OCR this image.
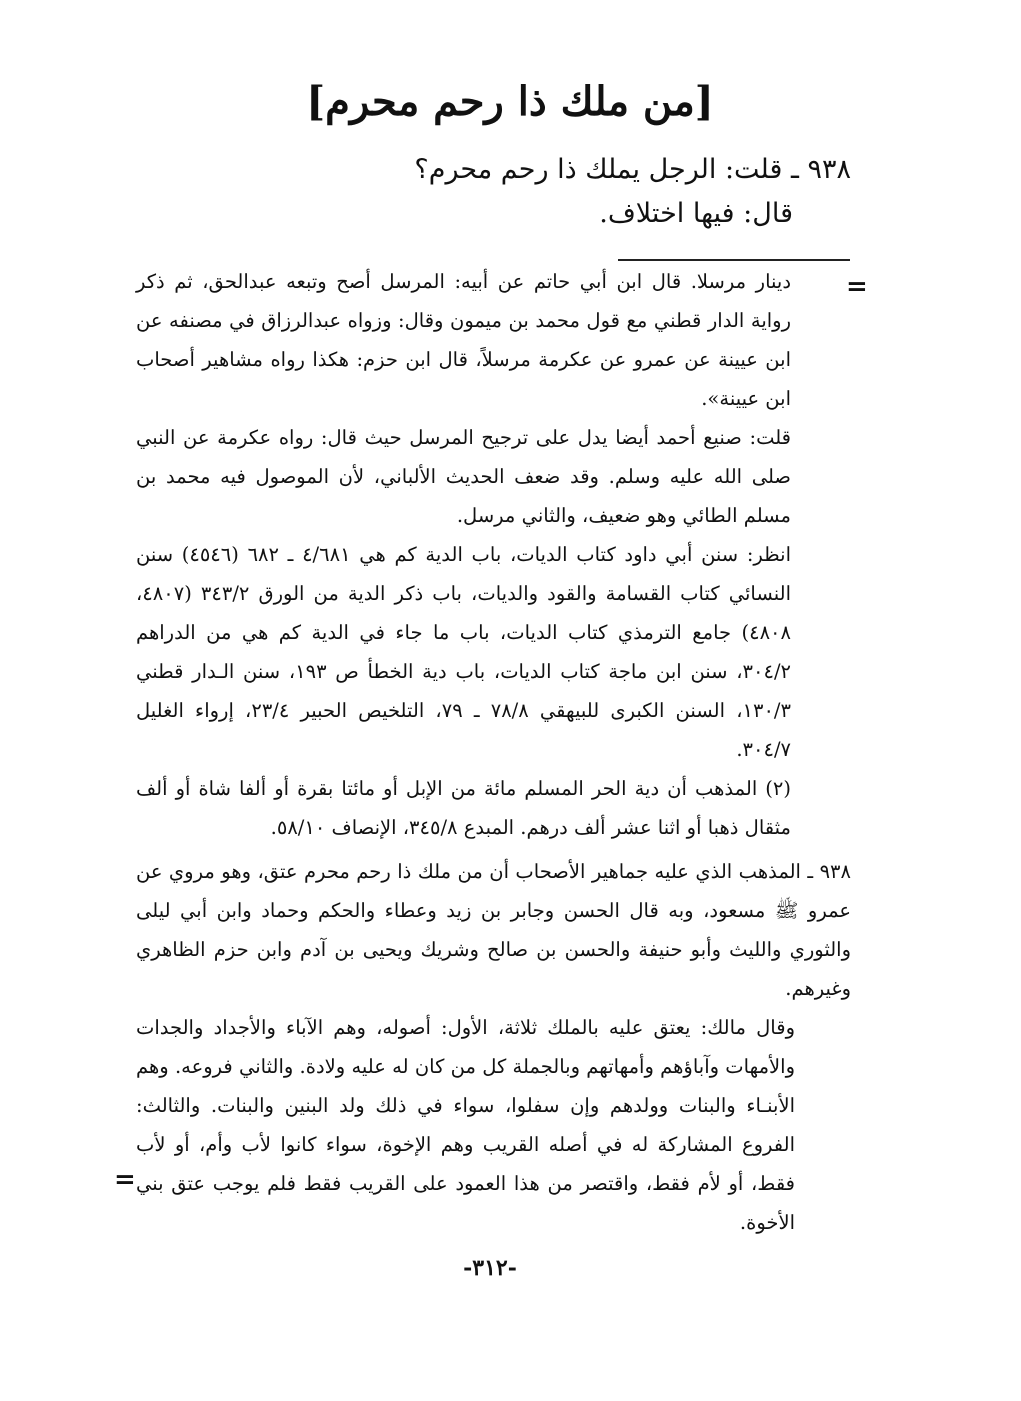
[من ملك ذا رحم محرم]
٩٣٨ ـ قلت: الرجل يملك ذا رحم محرم؟
قال: فيها اختلاف.
=

دينار مرسلا. قال ابن أبي حاتم عن أبيه: المرسل أصح وتبعه عبدالحق، ثم ذكر رواية الدار قطني مع قول محمد بن ميمون وقال: وزواه عبدالرزاق في مصنفه عن ابن عيينة عن عمرو عن عكرمة مرسلاً، قال ابن حزم: هكذا رواه مشاهير أصحاب ابن عيينة».

قلت: صنيع أحمد أيضا يدل على ترجيح المرسل حيث قال: رواه عكرمة عن النبي صلى الله عليه وسلم. وقد ضعف الحديث الألباني، لأن الموصول فيه محمد بن مسلم الطائي وهو ضعيف، والثاني مرسل.

انظر: سنن أبي داود كتاب الديات، باب الدية كم هي ٤/٦٨١ ـ ٦٨٢ (٤٥٤٦) سنن النسائي كتاب القسامة والقود والديات، باب ذكر الدية من الورق ٣٤٣/٢ (٤٨٠٧، ٤٨٠٨) جامع الترمذي كتاب الديات، باب ما جاء في الدية كم هي من الدراهم ٣٠٤/٢، سنن ابن ماجة كتاب الديات، باب دية الخطأ ص ١٩٣، سنن الـدار قطني ١٣٠/٣، السنن الكبرى للبيهقي ٧٨/٨ ـ ٧٩، التلخيص الحبير ٢٣/٤، إرواء الغليل ٣٠٤/٧.

(٢) المذهب أن دية الحر المسلم مائة من الإبل أو مائتا بقرة أو ألفا شاة أو ألف مثقال ذهبا أو اثنا عشر ألف درهم. المبدع ٣٤٥/٨، الإنصاف ٥٨/١٠.

٩٣٨ ـ المذهب الذي عليه جماهير الأصحاب أن من ملك ذا رحم محرم عتق، وهو مروي عن عمرو ﷺ مسعود، وبه قال الحسن وجابر بن زيد وعطاء والحكم وحماد وابن أبي ليلى والثوري والليث وأبو حنيفة والحسن بن صالح وشريك ويحيى بن آدم وابن حزم الظاهري وغيرهم.

وقال مالك: يعتق عليه بالملك ثلاثة، الأول: أصوله، وهم الآباء والأجداد والجدات والأمهات وآباؤهم وأمهاتهم وبالجملة كل من كان له عليه ولادة. والثاني فروعه. وهم الأبنـاء والبنات وولدهم وإن سفلوا، سواء في ذلك ولد البنين والبنات. والثالث: الفروع المشاركة له في أصله القريب وهم الإخوة، سواء كانوا لأب وأم، أو لأب فقط، أو لأم فقط، واقتصر من هذا العمود على القريب فقط فلم يوجب عتق بني الأخوة.

=
-٣١٢-
